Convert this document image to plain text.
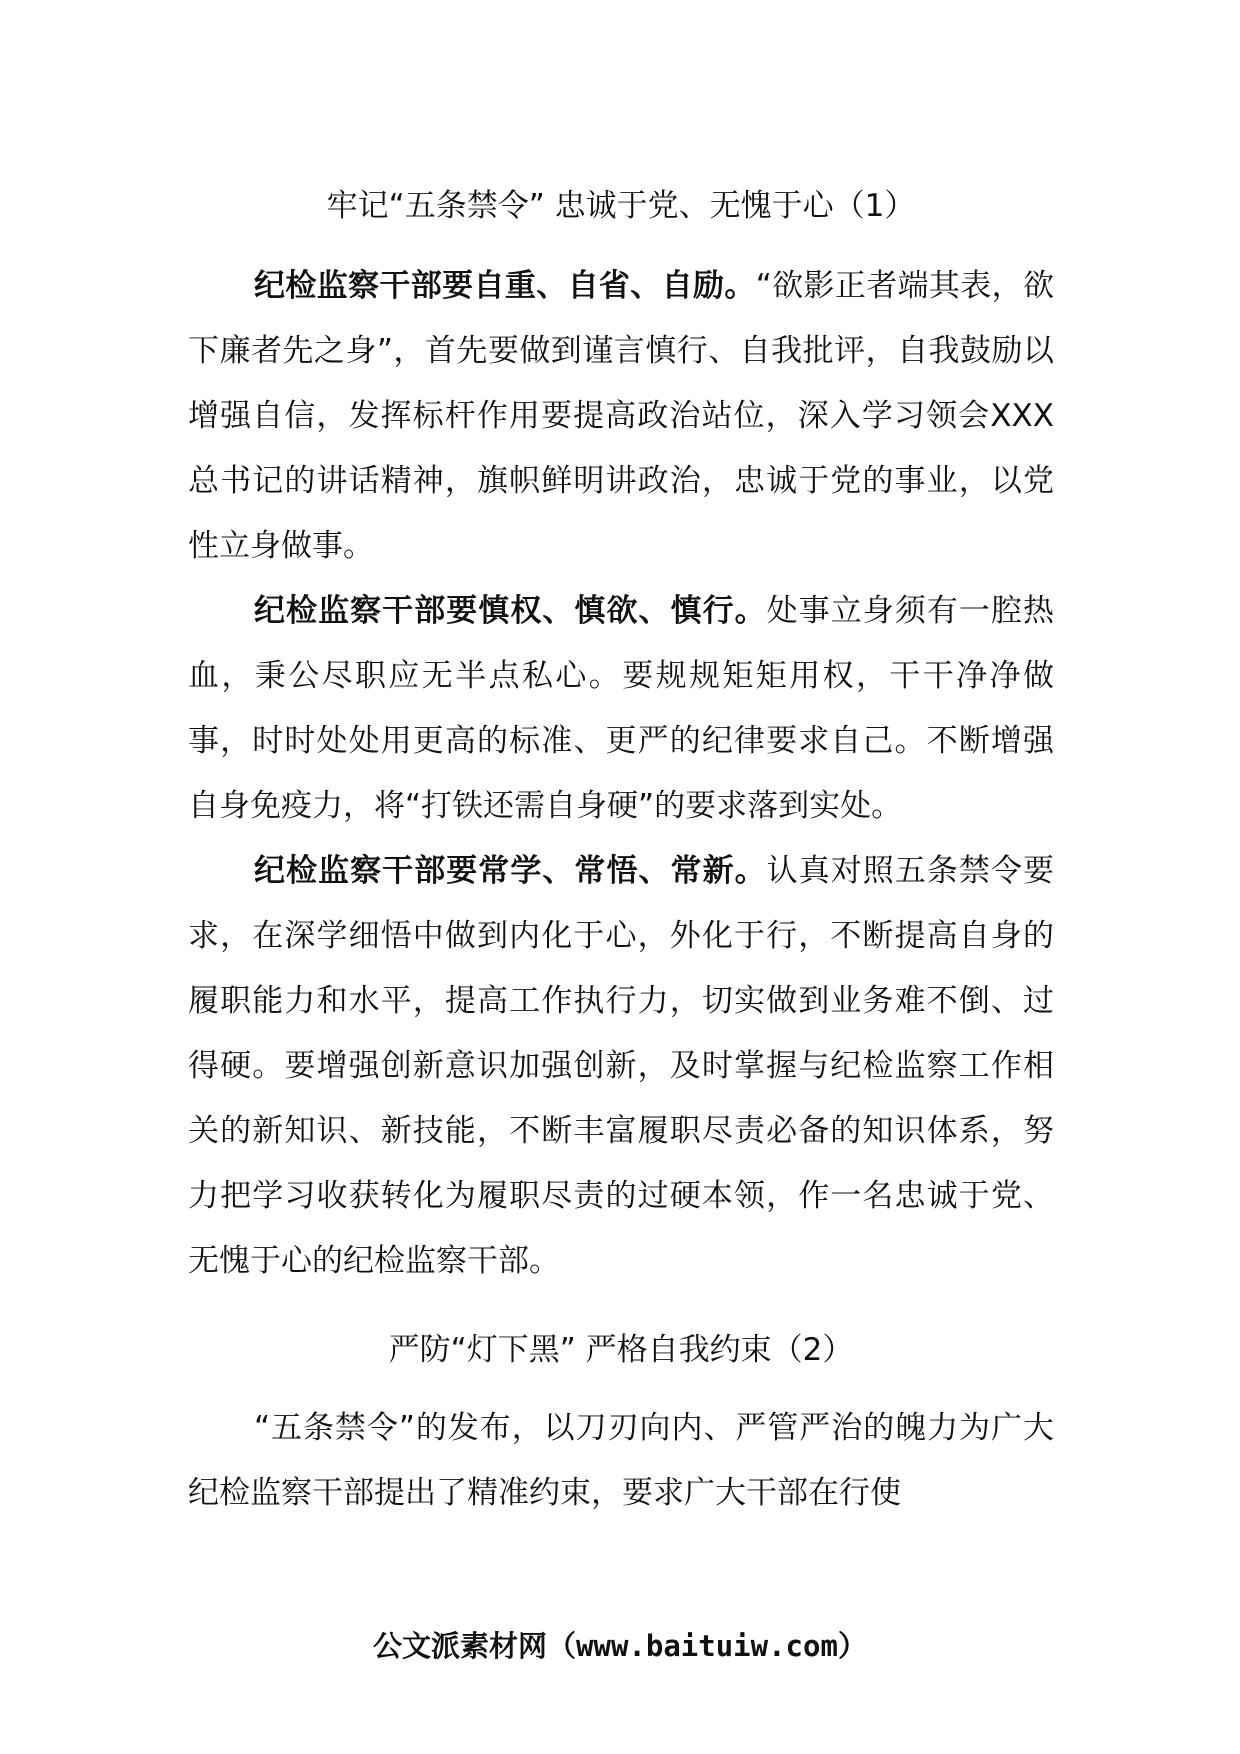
牢记“五条禁令” 忠诚于党、无愧于心（1）

纪检监察干部要自重、自省、自励。“欲影正者端其表，欲下廉者先之身”，首先要做到谨言慎行、自我批评，自我鼓励以增强自信，发挥标杆作用要提高政治站位，深入学习领会XXX总书记的讲话精神，旗帜鲜明讲政治，忠诚于党的事业，以党性立身做事。

纪检监察干部要慎权、慎欲、慎行。处事立身须有一腔热血，秉公尽职应无半点私心。要规规矩矩用权，干干净净做事，时时处处用更高的标准、更严的纪律要求自己。不断增强自身免疫力，将“打铁还需自身硬”的要求落到实处。

纪检监察干部要常学、常悟、常新。认真对照五条禁令要求，在深学细悟中做到内化于心，外化于行，不断提高自身的履职能力和水平，提高工作执行力，切实做到业务难不倒、过得硬。要增强创新意识加强创新，及时掌握与纪检监察工作相关的新知识、新技能，不断丰富履职尽责必备的知识体系，努力把学习收获转化为履职尽责的过硬本领，作一名忠诚于党、无愧于心的纪检监察干部。

严防“灯下黑” 严格自我约束（2）

“五条禁令”的发布，以刀刃向内、严管严治的魄力为广大纪检监察干部提出了精准约束，要求广大干部在行使

公文派素材网（www.baituiw.com）
